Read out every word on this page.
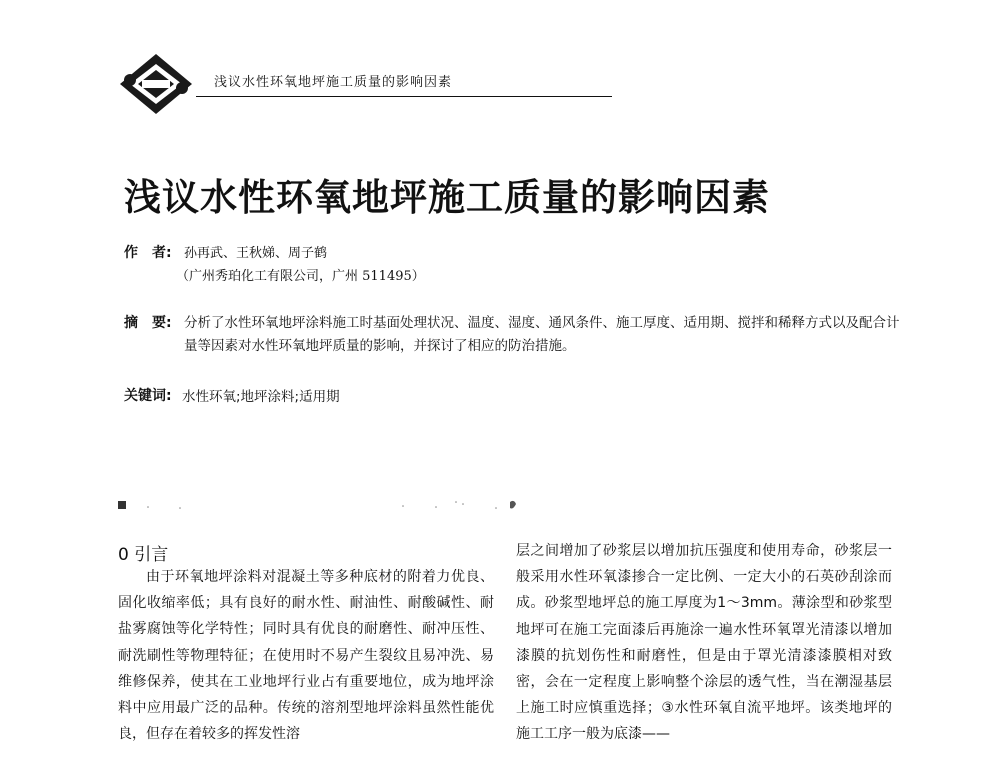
浅议水性环氧地坪施工质量的影响因素
浅议水性环氧地坪施工质量的影响因素
作　者: 孙再武、王秋娣、周子鹤
（广州秀珀化工有限公司，广州 511495）
摘　要: 分析了水性环氧地坪涂料施工时基面处理状况、温度、湿度、通风条件、施工厚度、适用期、搅拌和稀释方式以及配合计量等因素对水性环氧地坪质量的影响，并探讨了相应的防治措施。
关键词: 水性环氧;地坪涂料;适用期
0 引言
由于环氧地坪涂料对混凝土等多种底材的附着力优良、固化收缩率低；具有良好的耐水性、耐油性、耐酸碱性、耐盐雾腐蚀等化学特性；同时具有优良的耐磨性、耐冲压性、耐洗刷性等物理特征；在使用时不易产生裂纹且易冲洗、易维修保养，使其在工业地坪行业占有重要地位，成为地坪涂料中应用最广泛的品种。传统的溶剂型地坪涂料虽然性能优良，但存在着较多的挥发性溶
层之间增加了砂浆层以增加抗压强度和使用寿命，砂浆层一般采用水性环氧漆掺合一定比例、一定大小的石英砂刮涂而成。砂浆型地坪总的施工厚度为1～3mm。薄涂型和砂浆型地坪可在施工完面漆后再施涂一遍水性环氧罩光清漆以增加漆膜的抗划伤性和耐磨性，但是由于罩光清漆漆膜相对致密，会在一定程度上影响整个涂层的透气性，当在潮湿基层上施工时应慎重选择；③水性环氧自流平地坪。该类地坪的施工工序一般为底漆——
